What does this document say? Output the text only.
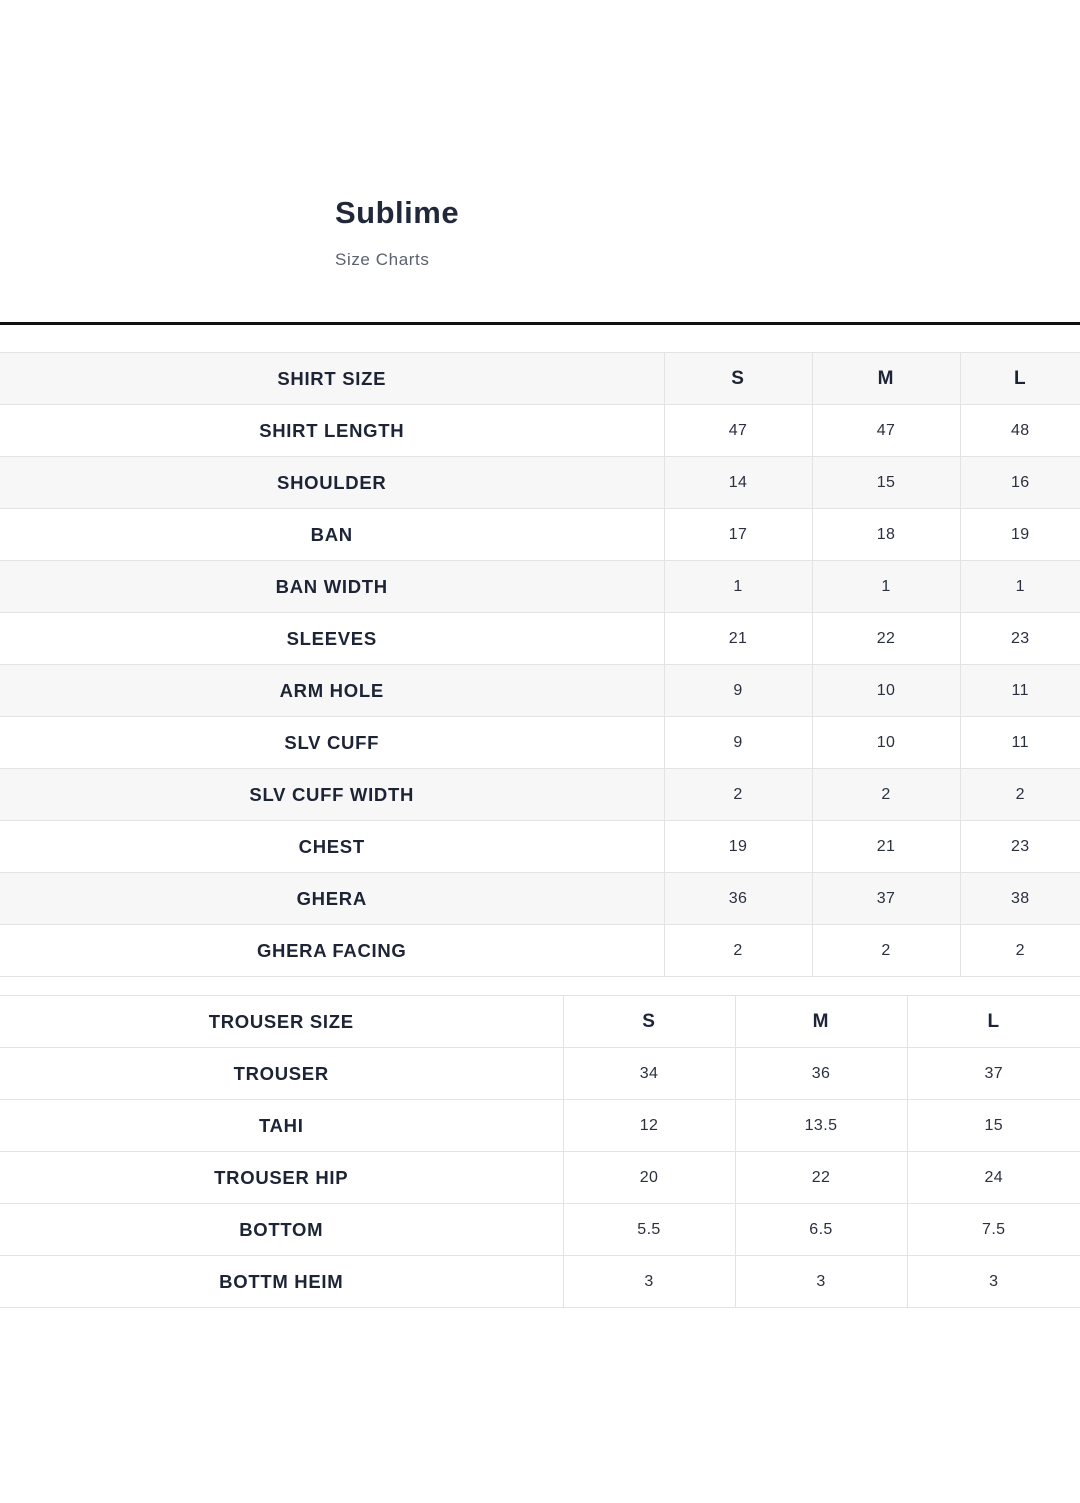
Sublime

Size Charts

SHIRT SIZE	S	M	L
SHIRT LENGTH	47	47	48
SHOULDER	14	15	16
BAN	17	18	19
BAN WIDTH	1	1	1
SLEEVES	21	22	23
ARM HOLE	9	10	11
SLV CUFF	9	10	11
SLV CUFF WIDTH	2	2	2
CHEST	19	21	23
GHERA	36	37	38
GHERA FACING	2	2	2
TROUSER SIZE	S	M	L
TROUSER	34	36	37
TAHI	12	13.5	15
TROUSER HIP	20	22	24
BOTTOM	5.5	6.5	7.5
BOTTM HEIM	3	3	3
